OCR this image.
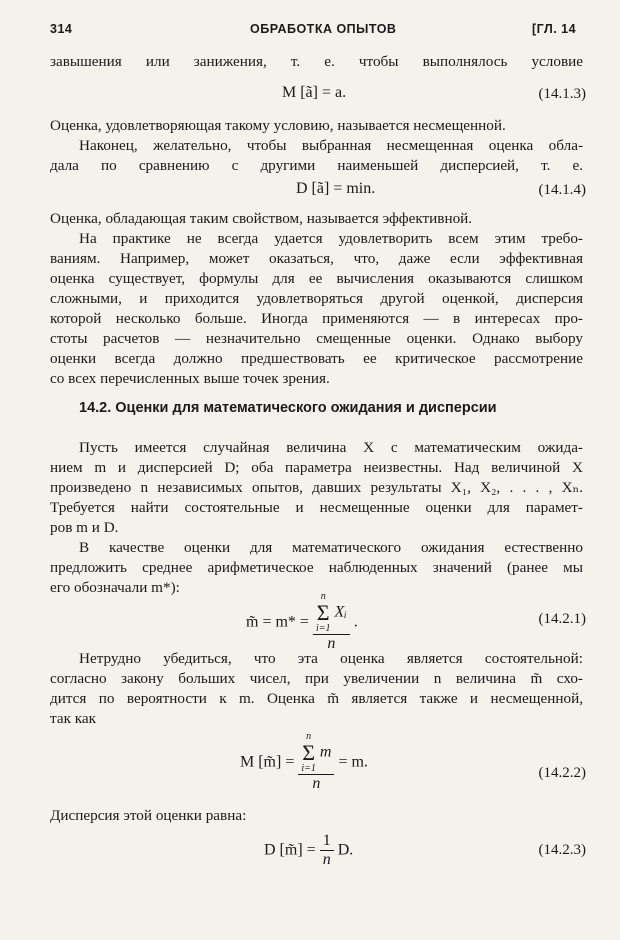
314	ОБРАБОТКА ОПЫТОВ	[ГЛ. 14
завышения или занижения, т. е. чтобы выполнялось условие
M [ã] = a.	(14.1.3)
Оценка, удовлетворяющая такому условию, называется несмещенной.
Наконец, желательно, чтобы выбранная несмещенная оценка обла-
дала по сравнению с другими наименьшей дисперсией, т. е.
D [ã] = min.	(14.1.4)
Оценка, обладающая таким свойством, называется эффективной.
На практике не всегда удается удовлетворить всем этим требо-
ваниям. Например, может оказаться, что, даже если эффективная
оценка существует, формулы для ее вычисления оказываются слишком
сложными, и приходится удовлетворяться другой оценкой, дисперсия
которой несколько больше. Иногда применяются — в интересах про-
стоты расчетов — незначительно смещенные оценки. Однако выбору
оценки всегда должно предшествовать ее критическое рассмотрение
со всех перечисленных выше точек зрения.
14.2. Оценки для математического ожидания и дисперсии
Пусть имеется случайная величина X с математическим ожида-
нием m и дисперсией D; оба параметра неизвестны. Над величиной X
произведено n независимых опытов, давших результаты X₁, X₂, . . . , Xₙ.
Требуется найти состоятельные и несмещенные оценки для парамет-
ров m и D.
В качестве оценки для математического ожидания естественно
предложить среднее арифметическое наблюденных значений (ранее мы
его обозначали m*):
m̃ = m* = n
Σ
i=1
Xᵢ
n .	(14.2.1)
Нетрудно убедиться, что эта оценка является состоятельной:
согласно закону больших чисел, при увеличении n величина m̃ схо-
дится по вероятности к m. Оценка m̃ является также и несмещенной,
так как
M [m̃] = n
Σ
i=1
m
n = m.
(14.2.2)
Дисперсия этой оценки равна:
D [m̃] = $\frac{1}{n} D$.	(14.2.3)
